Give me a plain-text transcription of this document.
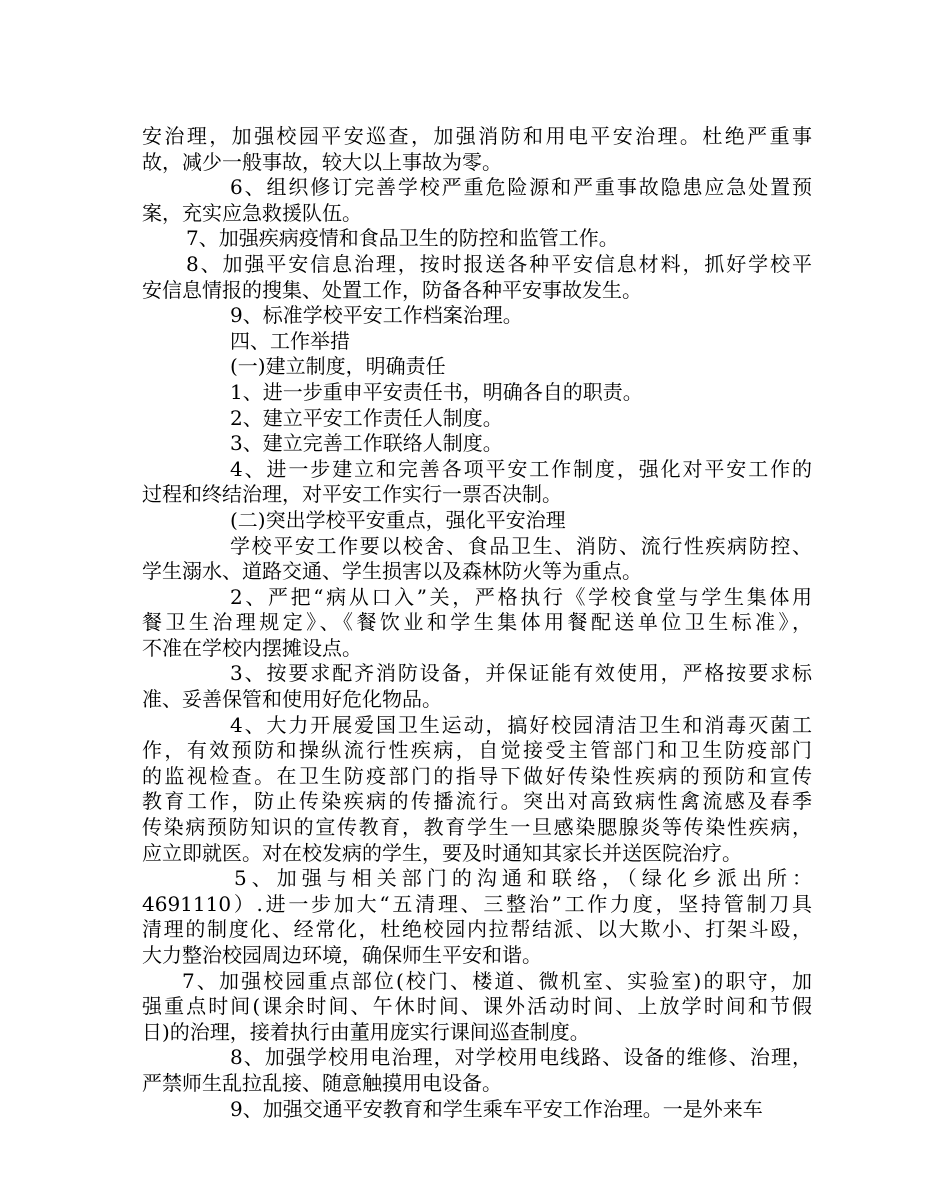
安治理，加强校园平安巡查，加强消防和用电平安治理。杜绝严重事
故，减少一般事故，较大以上事故为零。
6、组织修订完善学校严重危险源和严重事故隐患应急处置预
案，充实应急救援队伍。
7、加强疾病疫情和食品卫生的防控和监管工作。
8、加强平安信息治理，按时报送各种平安信息材料，抓好学校平
安信息情报的搜集、处置工作，防备各种平安事故发生。
9、标准学校平安工作档案治理。
四、工作举措
(一)建立制度，明确责任
1、进一步重申平安责任书，明确各自的职责。
2、建立平安工作责任人制度。
3、建立完善工作联络人制度。
4、进一步建立和完善各项平安工作制度，强化对平安工作的
过程和终结治理，对平安工作实行一票否决制。
(二)突出学校平安重点，强化平安治理
学校平安工作要以校舍、食品卫生、消防、流行性疾病防控、
学生溺水、道路交通、学生损害以及森林防火等为重点。
2、严把“病从口入”关，严格执行《学校食堂与学生集体用
餐卫生治理规定》、《餐饮业和学生集体用餐配送单位卫生标准》，
不准在学校内摆摊设点。
3、按要求配齐消防设备，并保证能有效使用，严格按要求标
准、妥善保管和使用好危化物品。
4、大力开展爱国卫生运动，搞好校园清洁卫生和消毒灭菌工
作，有效预防和操纵流行性疾病，自觉接受主管部门和卫生防疫部门
的监视检查。在卫生防疫部门的指导下做好传染性疾病的预防和宣传
教育工作，防止传染疾病的传播流行。突出对高致病性禽流感及春季
传染病预防知识的宣传教育，教育学生一旦感染腮腺炎等传染性疾病，
应立即就医。对在校发病的学生，要及时通知其家长并送医院治疗。
5、加强与相关部门的沟通和联络，（绿化乡派出所：
4691110）.进一步加大“五清理、三整治”工作力度，坚持管制刀具
清理的制度化、经常化，杜绝校园内拉帮结派、以大欺小、打架斗殴，
大力整治校园周边环境，确保师生平安和谐。
7、加强校园重点部位(校门、楼道、微机室、实验室)的职守，加
强重点时间(课余时间、午休时间、课外活动时间、上放学时间和节假
日)的治理，接着执行由董用庞实行课间巡查制度。
8、加强学校用电治理，对学校用电线路、设备的维修、治理，
严禁师生乱拉乱接、随意触摸用电设备。
9、加强交通平安教育和学生乘车平安工作治理。一是外来车
